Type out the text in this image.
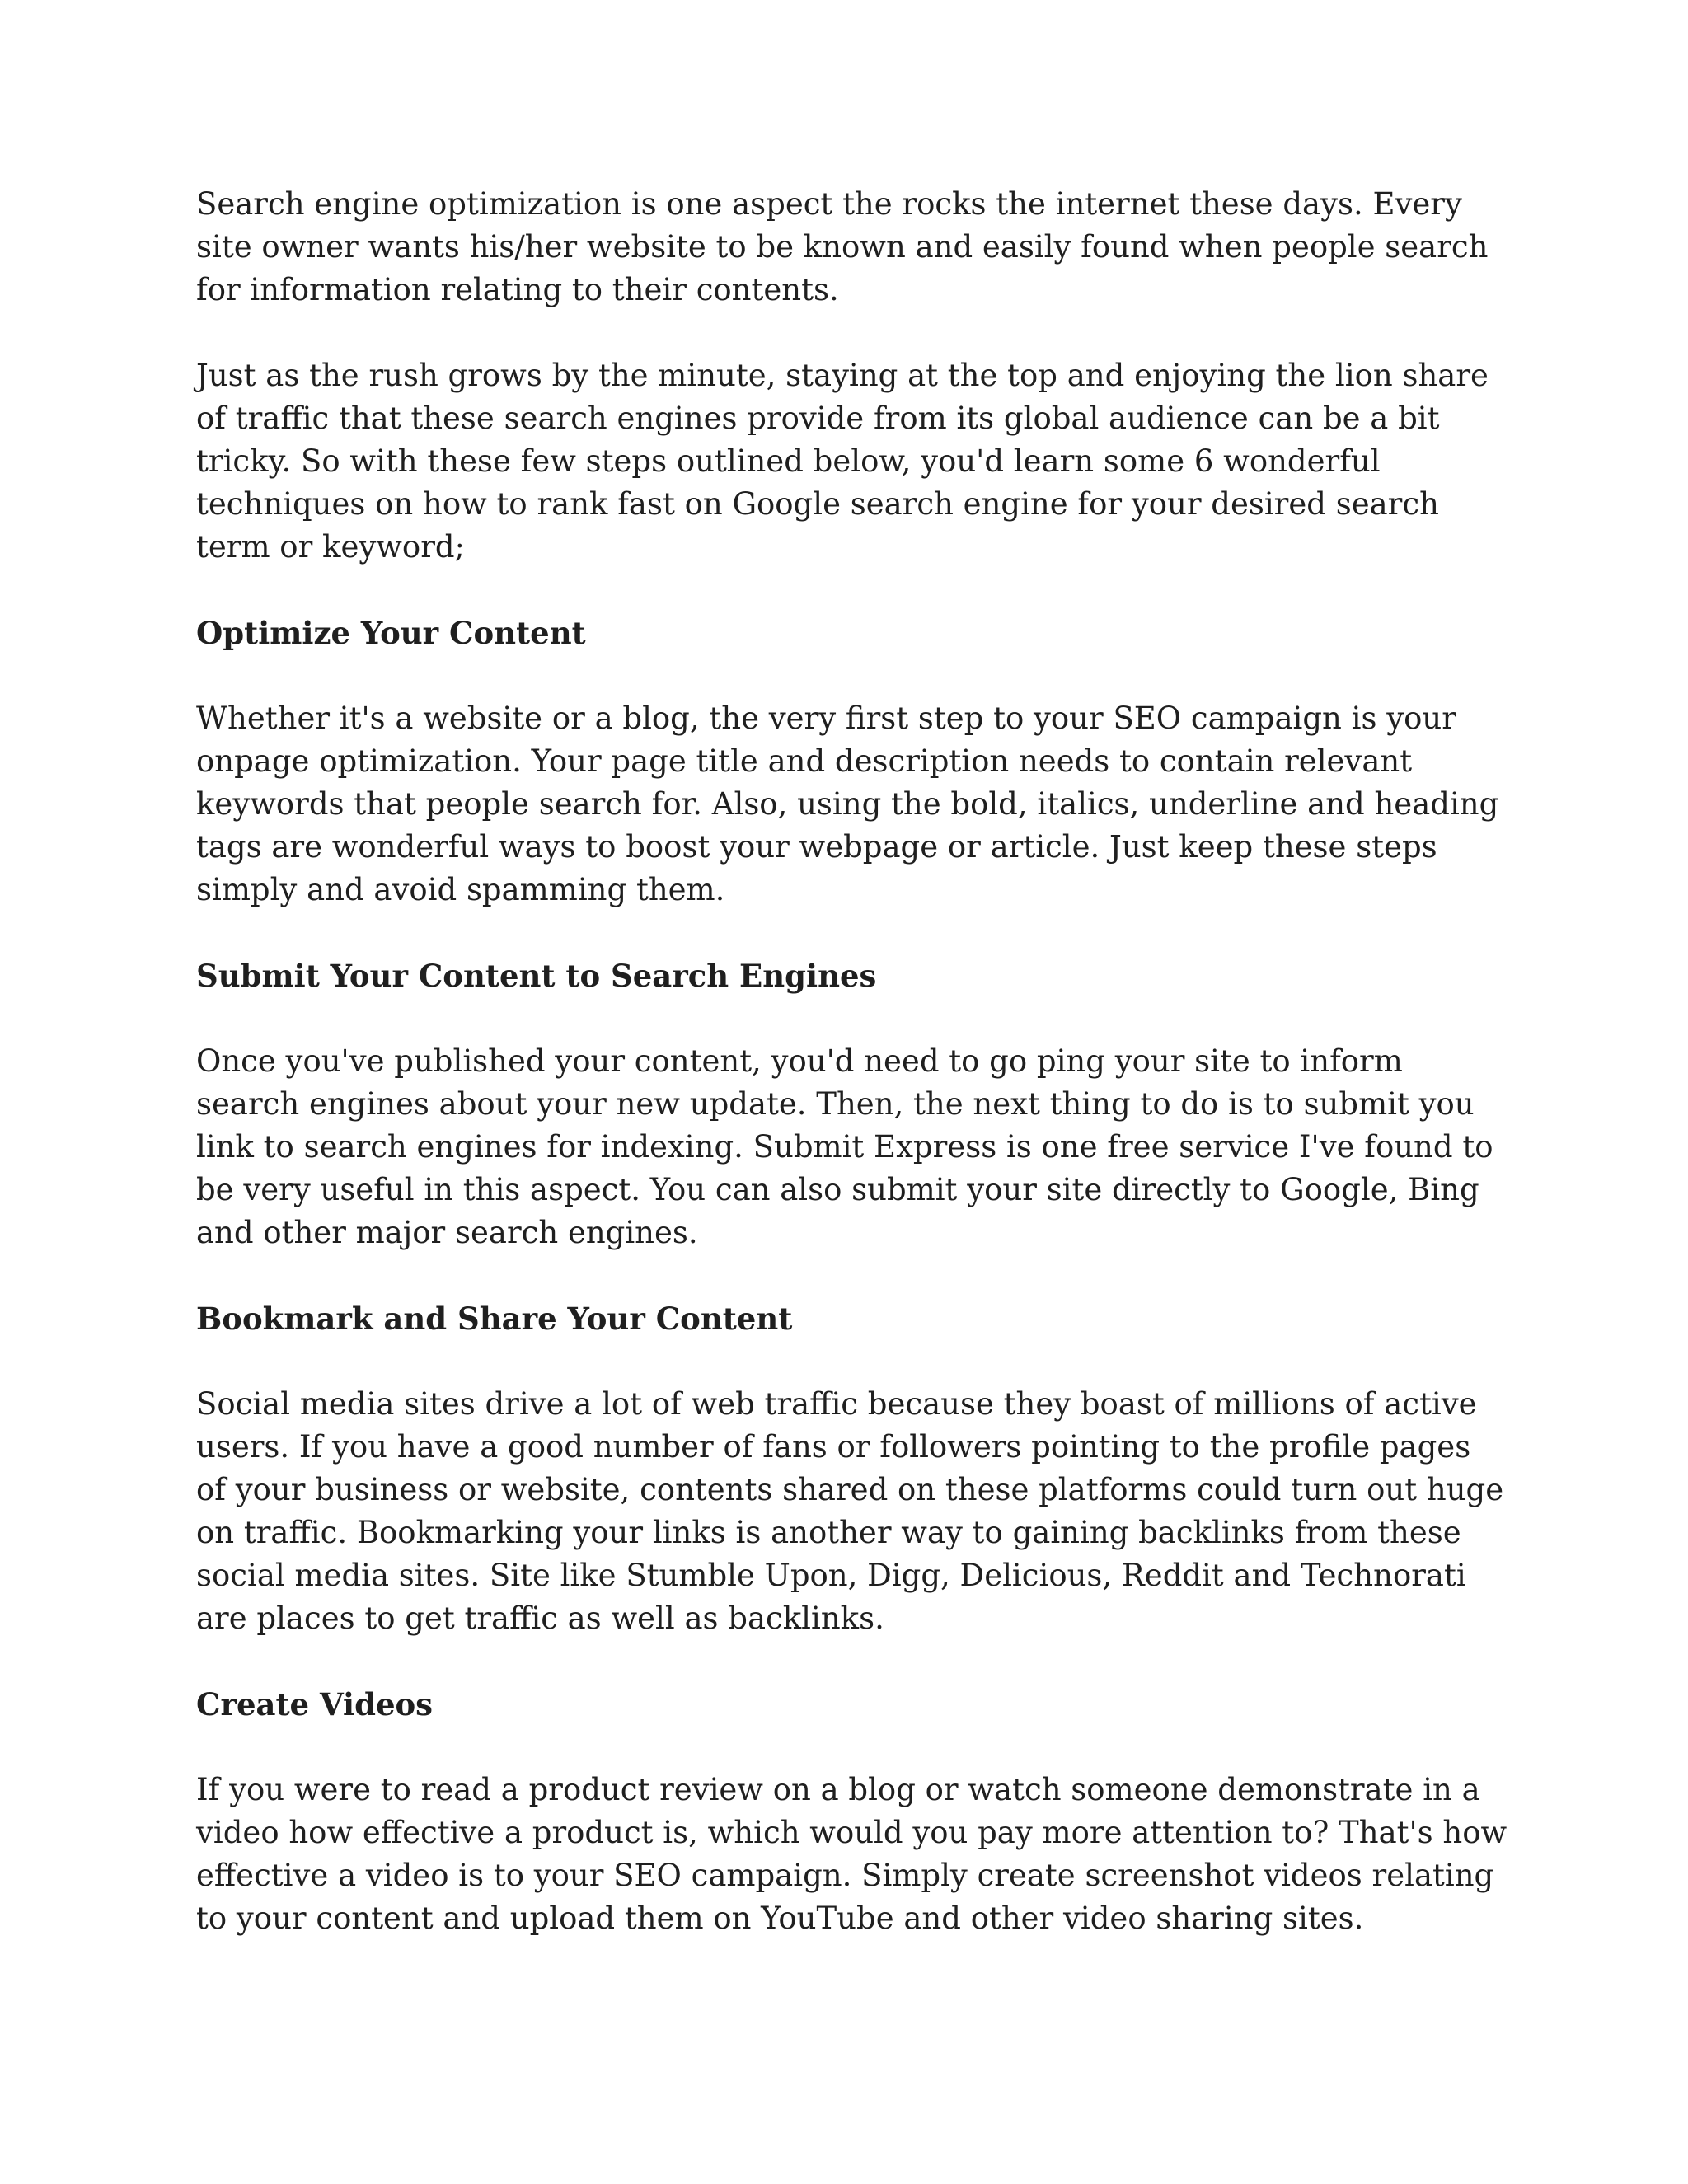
Search engine optimization is one aspect the rocks the internet these days. Every site owner wants his/her website to be known and easily found when people search for information relating to their contents.

Just as the rush grows by the minute, staying at the top and enjoying the lion share of traffic that these search engines provide from its global audience can be a bit tricky. So with these few steps outlined below, you'd learn some 6 wonderful techniques on how to rank fast on Google search engine for your desired search term or keyword;

Optimize Your Content

Whether it's a website or a blog, the very first step to your SEO campaign is your onpage optimization. Your page title and description needs to contain relevant keywords that people search for. Also, using the bold, italics, underline and heading tags are wonderful ways to boost your webpage or article. Just keep these steps simply and avoid spamming them.

Submit Your Content to Search Engines

Once you've published your content, you'd need to go ping your site to inform search engines about your new update. Then, the next thing to do is to submit you link to search engines for indexing. Submit Express is one free service I've found to be very useful in this aspect. You can also submit your site directly to Google, Bing and other major search engines.

Bookmark and Share Your Content

Social media sites drive a lot of web traffic because they boast of millions of active users. If you have a good number of fans or followers pointing to the profile pages of your business or website, contents shared on these platforms could turn out huge on traffic. Bookmarking your links is another way to gaining backlinks from these social media sites. Site like Stumble Upon, Digg, Delicious, Reddit and Technorati are places to get traffic as well as backlinks.

Create Videos

If you were to read a product review on a blog or watch someone demonstrate in a video how effective a product is, which would you pay more attention to? That's how effective a video is to your SEO campaign. Simply create screenshot videos relating to your content and upload them on YouTube and other video sharing sites.
